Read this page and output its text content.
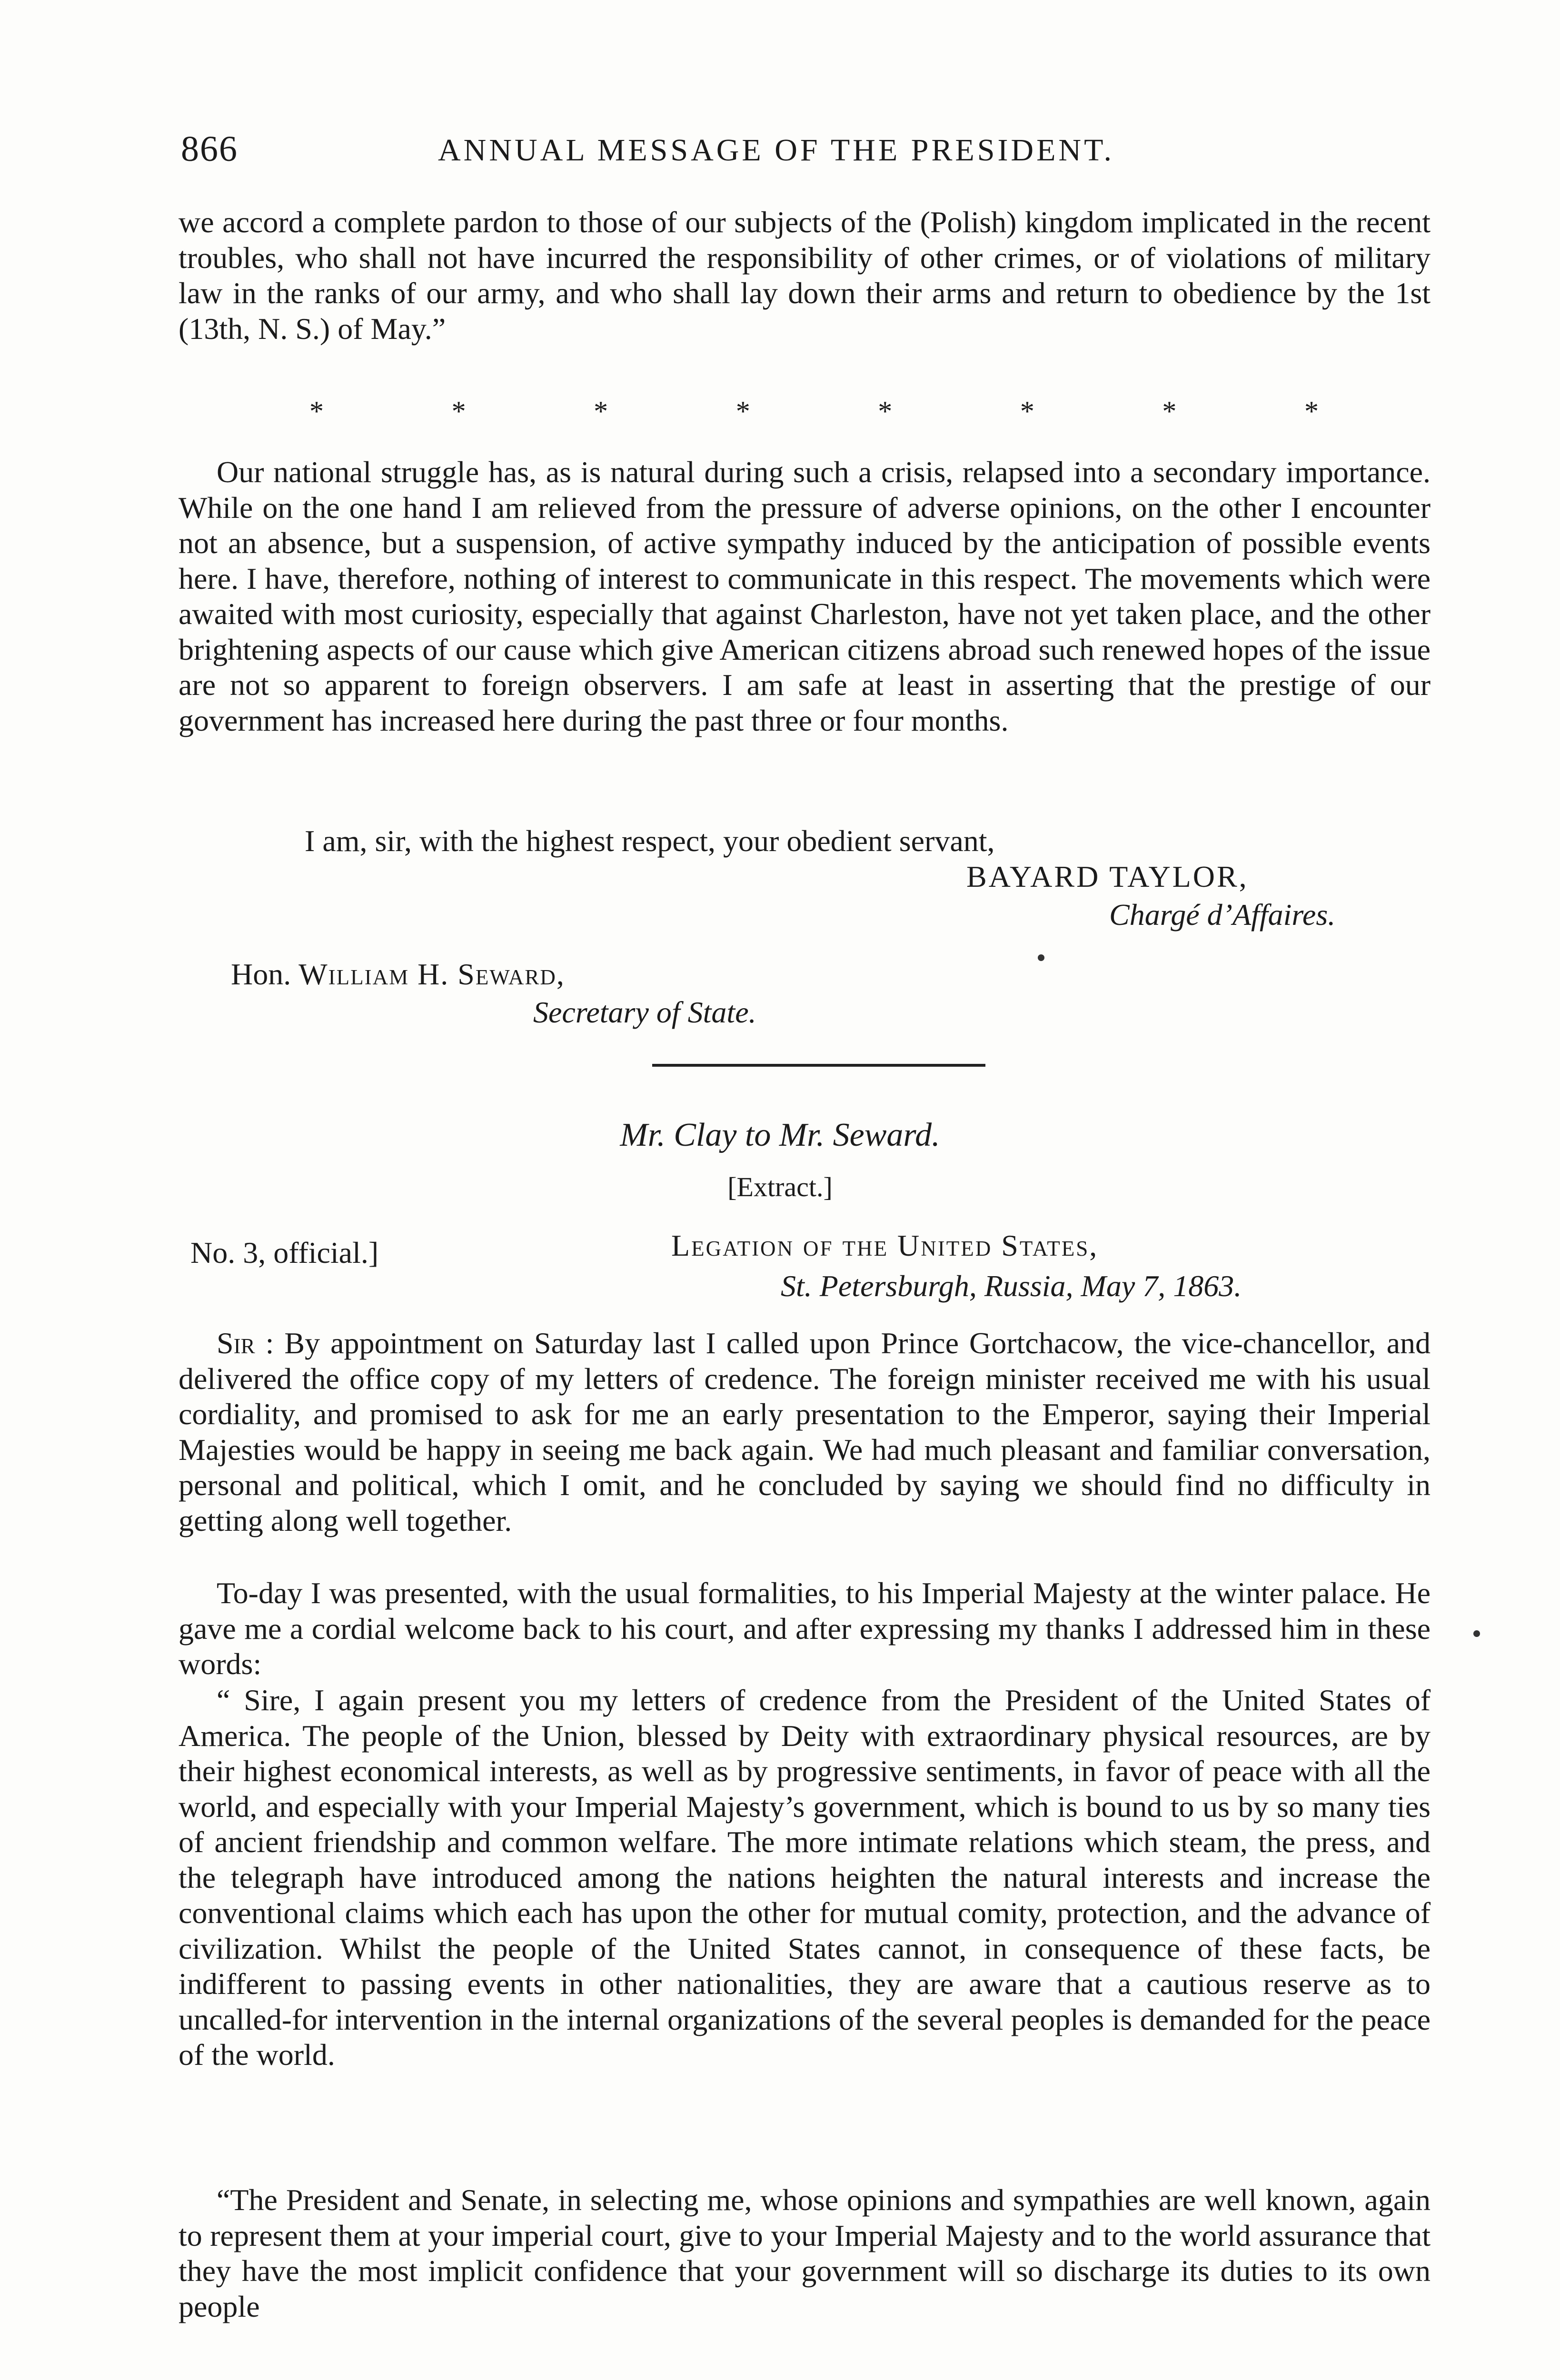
866	ANNUAL MESSAGE OF THE PRESIDENT.

we accord a complete pardon to those of our subjects of the (Polish) kingdom implicated in the recent troubles, who shall not have incurred the responsibility of other crimes, or of violations of military law in the ranks of our army, and who shall lay down their arms and return to obedience by the 1st (13th, N. S.) of May.”

*	*	*	*	*	*	*	*

Our national struggle has, as is natural during such a crisis, relapsed into a secondary importance. While on the one hand I am relieved from the pressure of adverse opinions, on the other I encounter not an absence, but a suspension, of active sympathy induced by the anticipation of possible events here. I have, therefore, nothing of interest to communicate in this respect. The movements which were awaited with most curiosity, especially that against Charleston, have not yet taken place, and the other brightening aspects of our cause which give American citizens abroad such renewed hopes of the issue are not so apparent to foreign observers. I am safe at least in asserting that the prestige of our government has increased here during the past three or four months.

I am, sir, with the highest respect, your obedient servant,
BAYARD TAYLOR,
Chargé d’Affaires.
Hon. William H. Seward,
Secretary of State.
Mr. Clay to Mr. Seward.
[Extract.]
No. 3, official.]	Legation of the United States,
St. Petersburgh, Russia, May 7, 1863.

Sir : By appointment on Saturday last I called upon Prince Gortchacow, the vice-chancellor, and delivered the office copy of my letters of credence. The foreign minister received me with his usual cordiality, and promised to ask for me an early presentation to the Emperor, saying their Imperial Majesties would be happy in seeing me back again. We had much pleasant and familiar conversation, personal and political, which I omit, and he concluded by saying we should find no difficulty in getting along well together.

To-day I was presented, with the usual formalities, to his Imperial Majesty at the winter palace. He gave me a cordial welcome back to his court, and after expressing my thanks I addressed him in these words:

“ Sire, I again present you my letters of credence from the President of the United States of America. The people of the Union, blessed by Deity with extraordinary physical resources, are by their highest economical interests, as well as by progressive sentiments, in favor of peace with all the world, and especially with your Imperial Majesty’s government, which is bound to us by so many ties of ancient friendship and common welfare. The more intimate relations which steam, the press, and the telegraph have introduced among the nations heighten the natural interests and increase the conventional claims which each has upon the other for mutual comity, protection, and the advance of civilization. Whilst the people of the United States cannot, in consequence of these facts, be indifferent to passing events in other nationalities, they are aware that a cautious reserve as to uncalled-for intervention in the internal organizations of the several peoples is demanded for the peace of the world.

“The President and Senate, in selecting me, whose opinions and sympathies are well known, again to represent them at your imperial court, give to your Imperial Majesty and to the world assurance that they have the most implicit confidence that your government will so discharge its duties to its own people
